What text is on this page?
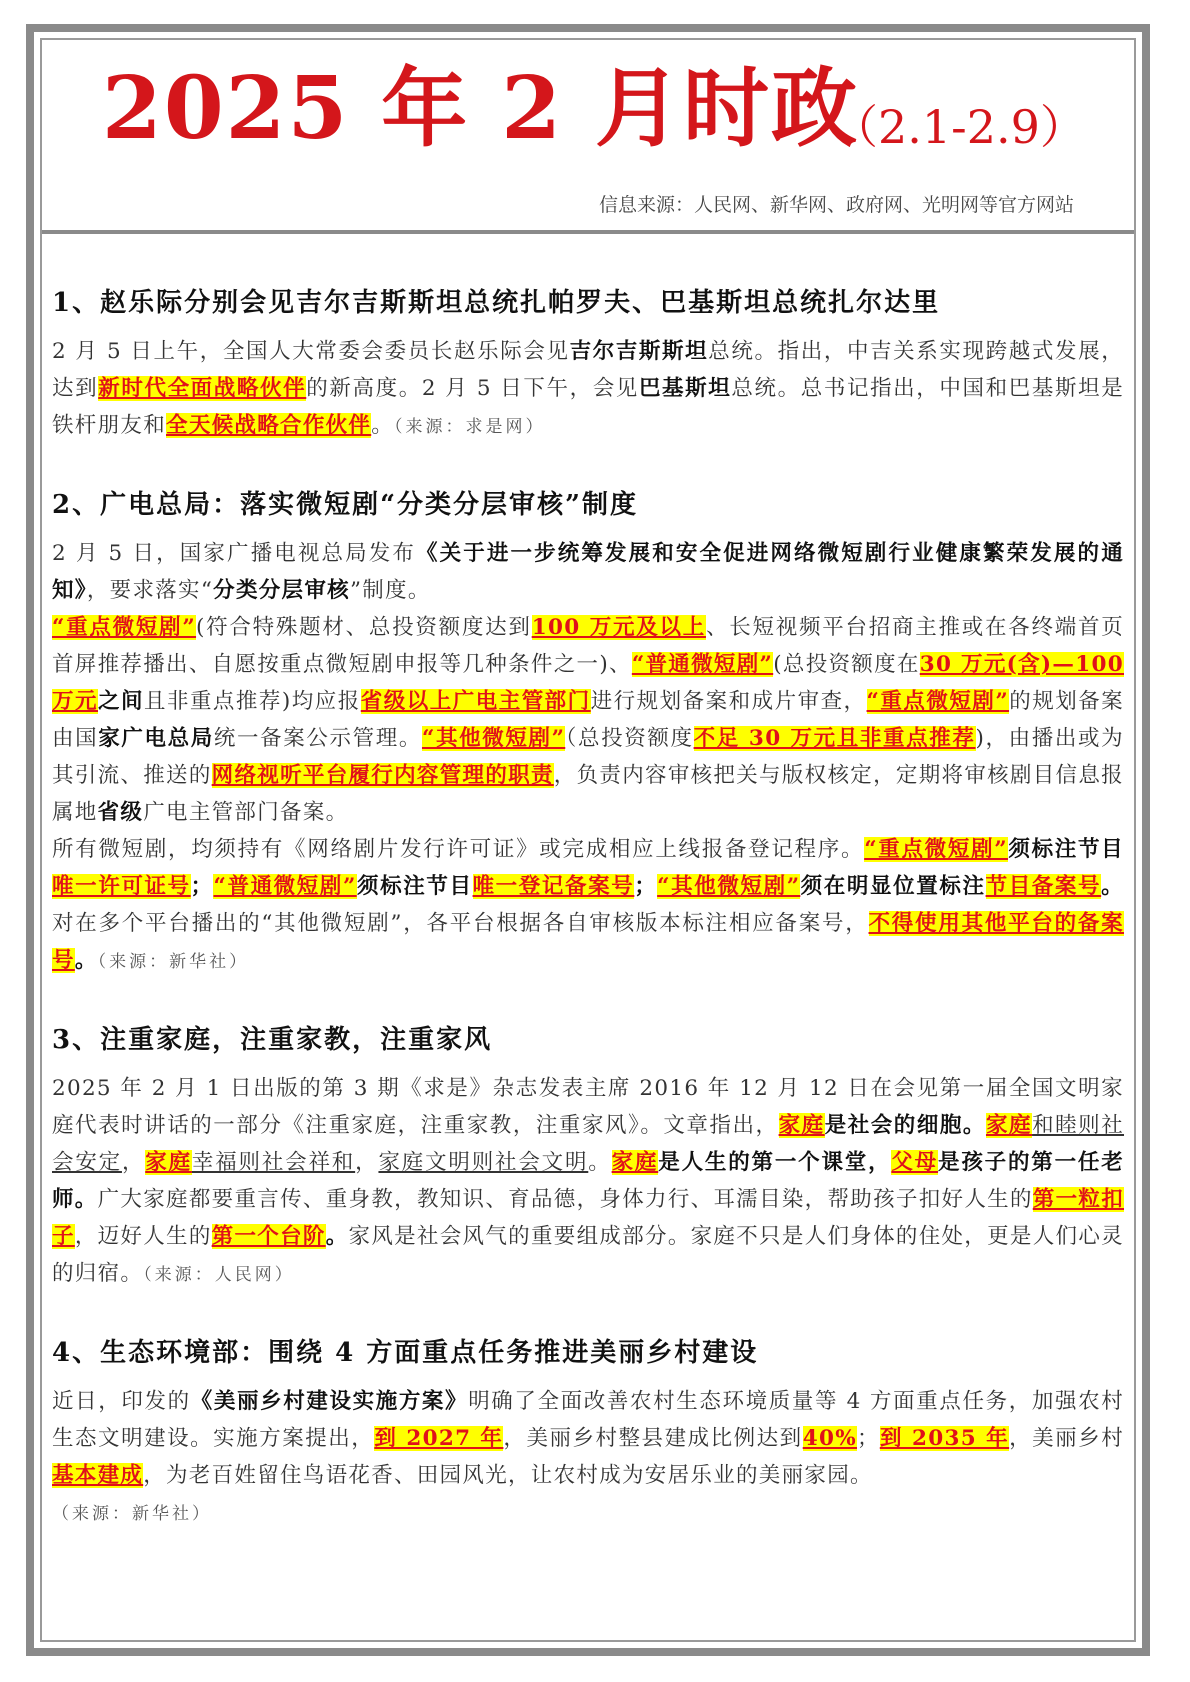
2025 年 2 月时政
（2.1-2.9）
信息来源：人民网、新华网、政府网、光明网等官方网站
1、赵乐际分别会见吉尔吉斯斯坦总统扎帕罗夫、巴基斯坦总统扎尔达里

2 月 5 日上午，全国人大常委会委员长赵乐际会见吉尔吉斯斯坦总统。指出，中吉关系实现跨越式发展，达到新时代全面战略伙伴的新高度。2 月 5 日下午，会见巴基斯坦总统。总书记指出，中国和巴基斯坦是铁杆朋友和全天候战略合作伙伴。（来源：求是网）

2、广电总局：落实微短剧“分类分层审核”制度

2 月 5 日，国家广播电视总局发布《关于进一步统筹发展和安全促进网络微短剧行业健康繁荣发展的通知》，要求落实“分类分层审核”制度。

“重点微短剧”(符合特殊题材、总投资额度达到100 万元及以上、长短视频平台招商主推或在各终端首页首屏推荐播出、自愿按重点微短剧申报等几种条件之一)、“普通微短剧”(总投资额度在30 万元(含)—100 万元之间且非重点推荐)均应报省级以上广电主管部门进行规划备案和成片审查，“重点微短剧”的规划备案由国家广电总局统一备案公示管理。“其他微短剧”（总投资额度不足 30 万元且非重点推荐)，由播出或为其引流、推送的网络视听平台履行内容管理的职责，负责内容审核把关与版权核定，定期将审核剧目信息报属地省级广电主管部门备案。

所有微短剧，均须持有《网络剧片发行许可证》或完成相应上线报备登记程序。“重点微短剧”须标注节目唯一许可证号；“普通微短剧”须标注节目唯一登记备案号；“其他微短剧”须在明显位置标注节目备案号。对在多个平台播出的“其他微短剧”，各平台根据各自审核版本标注相应备案号，不得使用其他平台的备案号。（来源：新华社）

3、注重家庭，注重家教，注重家风

2025 年 2 月 1 日出版的第 3 期《求是》杂志发表主席 2016 年 12 月 12 日在会见第一届全国文明家庭代表时讲话的一部分《注重家庭，注重家教，注重家风》。文章指出，家庭是社会的细胞。家庭和睦则社会安定，家庭幸福则社会祥和，家庭文明则社会文明。家庭是人生的第一个课堂，父母是孩子的第一任老师。广大家庭都要重言传、重身教，教知识、育品德，身体力行、耳濡目染，帮助孩子扣好人生的第一粒扣子，迈好人生的第一个台阶。家风是社会风气的重要组成部分。家庭不只是人们身体的住处，更是人们心灵的归宿。（来源：人民网）

4、生态环境部：围绕 4 方面重点任务推进美丽乡村建设

近日，印发的《美丽乡村建设实施方案》明确了全面改善农村生态环境质量等 4 方面重点任务，加强农村生态文明建设。实施方案提出，到 2027 年，美丽乡村整县建成比例达到40%；到 2035 年，美丽乡村基本建成，为老百姓留住鸟语花香、田园风光，让农村成为安居乐业的美丽家园。
（来源：新华社）
